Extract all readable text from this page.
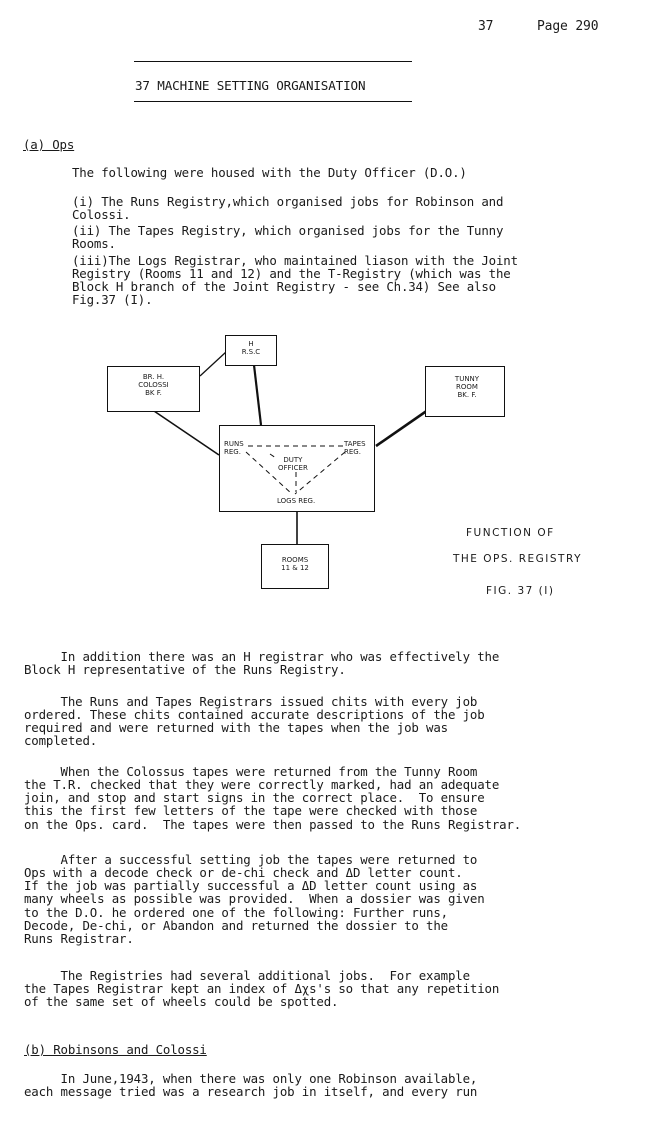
37	Page 290
37 MACHINE SETTING ORGANISATION
(a) Ops
The following were housed with the Duty Officer (D.O.)
(i) The Runs Registry,which organised jobs for Robinson and
Colossi.
(ii) The Tapes Registry, which organised jobs for the Tunny
Rooms.
(iii)The Logs Registrar, who maintained liason with the Joint
Registry (Rooms 11 and 12) and the T-Registry (which was the
Block H branch of the Joint Registry - see Ch.34) See also
Fig.37 (I).
H
R.S.C
BR. H.
COLOSSI
BK F.
TUNNY
ROOM
BK. F.
RUNS
REG.
TAPES
REG.
DUTY
OFFICER
LOGS REG.
ROOMS
11 & 12
FUNCTION OF
THE OPS. REGISTRY
FIG. 37 (I)
In addition there was an H registrar who was effectively the
Block H representative of the Runs Registry.
The Runs and Tapes Registrars issued chits with every job
ordered. These chits contained accurate descriptions of the job
required and were returned with the tapes when the job was
completed.
When the Colossus tapes were returned from the Tunny Room
the T.R. checked that they were correctly marked, had an adequate
join, and stop and start signs in the correct place.  To ensure
this the first few letters of the tape were checked with those
on the Ops. card.  The tapes were then passed to the Runs Registrar.
After a successful setting job the tapes were returned to
Ops with a decode check or de-chi check and ΔD letter count.
If the job was partially successful a ΔD letter count using as
many wheels as possible was provided.  When a dossier was given
to the D.O. he ordered one of the following: Further runs,
Decode, De-chi, or Abandon and returned the dossier to the
Runs Registrar.
The Registries had several additional jobs.  For example
the Tapes Registrar kept an index of Δχs's so that any repetition
of the same set of wheels could be spotted.
(b) Robinsons and Colossi
In June,1943, when there was only one Robinson available,
each message tried was a research job in itself, and every run
